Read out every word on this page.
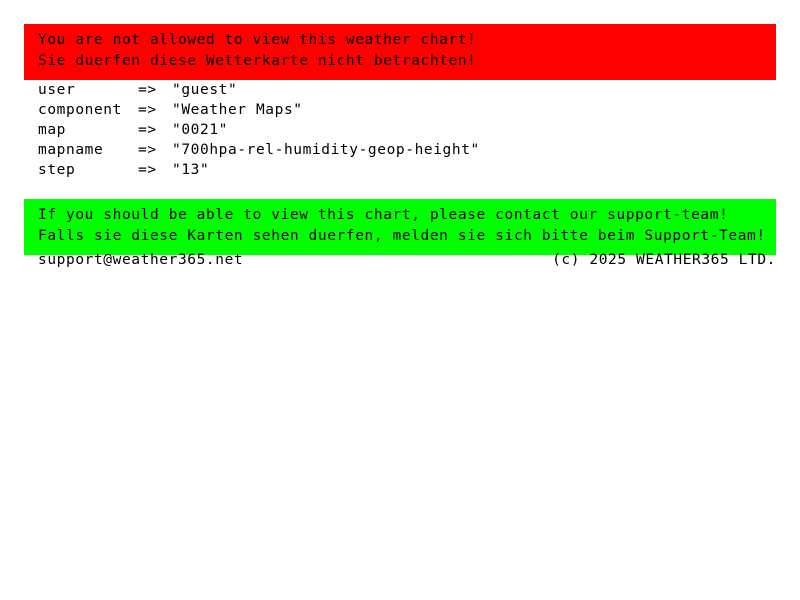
You are not allowed to view this weather chart!
Sie duerfen diese Wetterkarte nicht betrachten!
user	=>	"guest"
component	=>	"Weather Maps"
map	=>	"0021"
mapname	=>	"700hpa-rel-humidity-geop-height"
step	=>	"13"
If you should be able to view this chart, please contact our support-team!
Falls sie diese Karten sehen duerfen, melden sie sich bitte beim Support-Team!
support@weather365.net	(c) 2025 WEATHER365 LTD.
